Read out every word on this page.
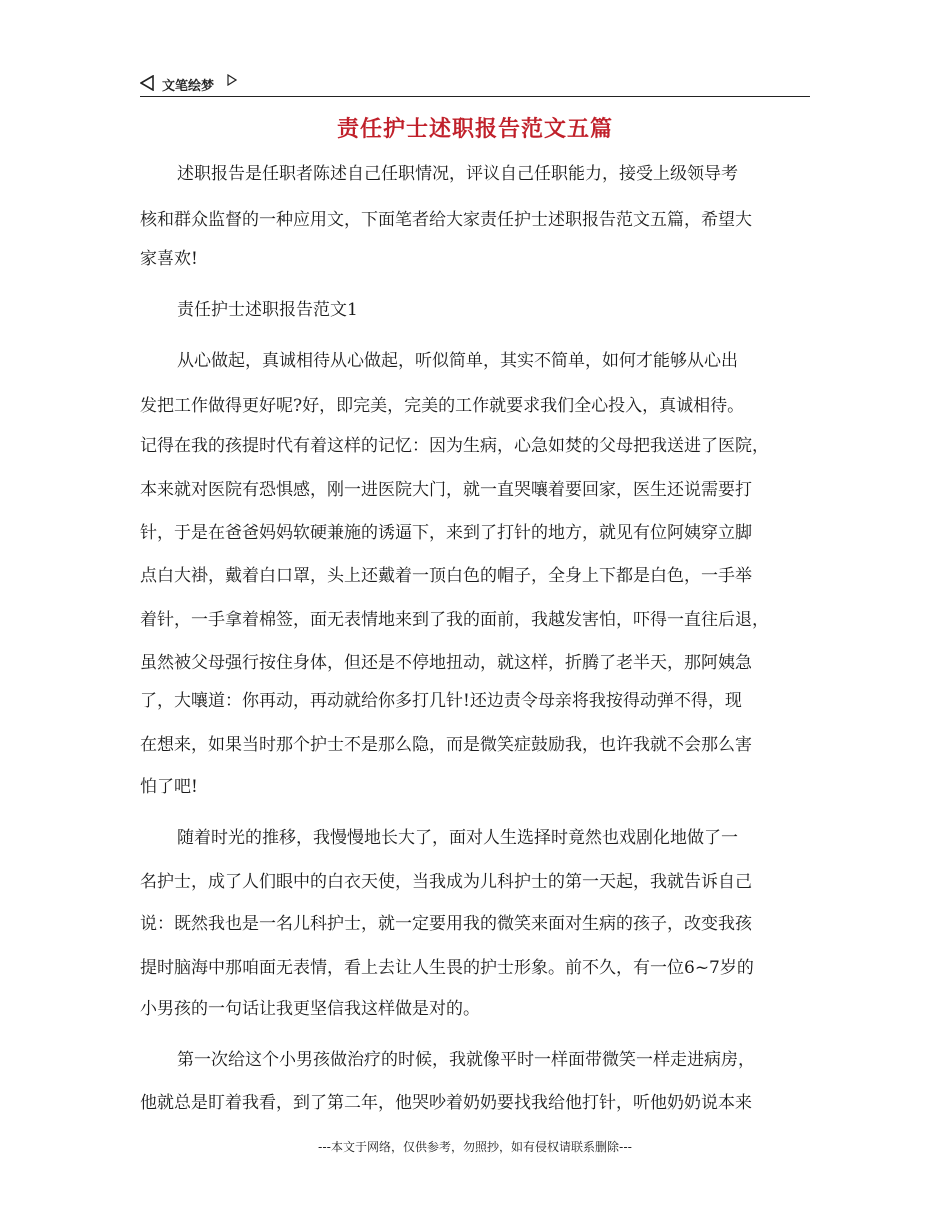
文笔绘梦
责任护士述职报告范文五篇
述职报告是任职者陈述自己任职情况，评议自己任职能力，接受上级领导考
核和群众监督的一种应用文，下面笔者给大家责任护士述职报告范文五篇，希望大
家喜欢!
责任护士述职报告范文1
从心做起，真诚相待从心做起，听似简单，其实不简单，如何才能够从心出
发把工作做得更好呢?好，即完美，完美的工作就要求我们全心投入，真诚相待。
记得在我的孩提时代有着这样的记忆：因为生病，心急如焚的父母把我送进了医院，
本来就对医院有恐惧感，刚一进医院大门，就一直哭嚷着要回家，医生还说需要打
针，于是在爸爸妈妈软硬兼施的诱逼下，来到了打针的地方，就见有位阿姨穿立脚
点白大褂，戴着白口罩，头上还戴着一顶白色的帽子，全身上下都是白色，一手举
着针，一手拿着棉签，面无表情地来到了我的面前，我越发害怕，吓得一直往后退，
虽然被父母强行按住身体，但还是不停地扭动，就这样，折腾了老半天，那阿姨急
了，大嚷道：你再动，再动就给你多打几针!还边责令母亲将我按得动弹不得，现
在想来，如果当时那个护士不是那么隐，而是微笑症鼓励我，也许我就不会那么害
怕了吧!
随着时光的推移，我慢慢地长大了，面对人生选择时竟然也戏剧化地做了一
名护士，成了人们眼中的白衣天使，当我成为儿科护士的第一天起，我就告诉自己
说：既然我也是一名儿科护士，就一定要用我的微笑来面对生病的孩子，改变我孩
提时脑海中那咱面无表情，看上去让人生畏的护士形象。前不久，有一位6~7岁的
小男孩的一句话让我更坚信我这样做是对的。
第一次给这个小男孩做治疗的时候，我就像平时一样面带微笑一样走进病房，
他就总是盯着我看，到了第二年，他哭吵着奶奶要找我给他打针，听他奶奶说本来
---本文于网络，仅供参考，勿照抄，如有侵权请联系删除---
